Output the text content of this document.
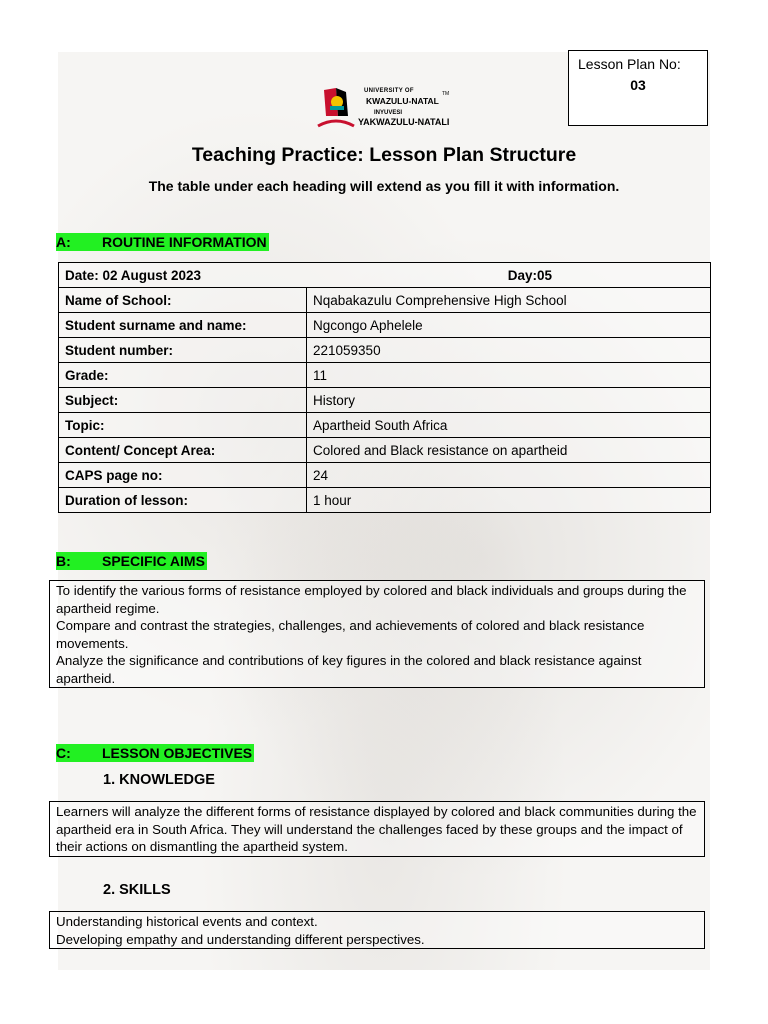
Lesson Plan No:
03
UNIVERSITY OF
KWAZULU-NATAL
TM
INYUVESI
YAKWAZULU-NATALI
Teaching Practice: Lesson Plan Structure
The table under each heading will extend as you fill it with information.
A: ROUTINE INFORMATION
Date: 02 August 2023 Day:05	

Name of School:	Nqabakazulu Comprehensive High School
Student surname and name:	Ngcongo Aphelele
Student number:	221059350
Grade:	11
Subject:	History
Topic:	Apartheid South Africa
Content/ Concept Area:	Colored and Black resistance on apartheid
CAPS page no:	24
Duration of lesson:	1 hour
B: SPECIFIC AIMS

To identify the various forms of resistance employed by colored and black individuals and groups during the apartheid regime.

Compare and contrast the strategies, challenges, and achievements of colored and black resistance movements.

Analyze the significance and contributions of key figures in the colored and black resistance against apartheid.

C: LESSON OBJECTIVES
1. KNOWLEDGE

Learners will analyze the different forms of resistance displayed by colored and black communities during the apartheid era in South Africa. They will understand the challenges faced by these groups and the impact of their actions on dismantling the apartheid system.

2. SKILLS

Understanding historical events and context.

Developing empathy and understanding different perspectives.
